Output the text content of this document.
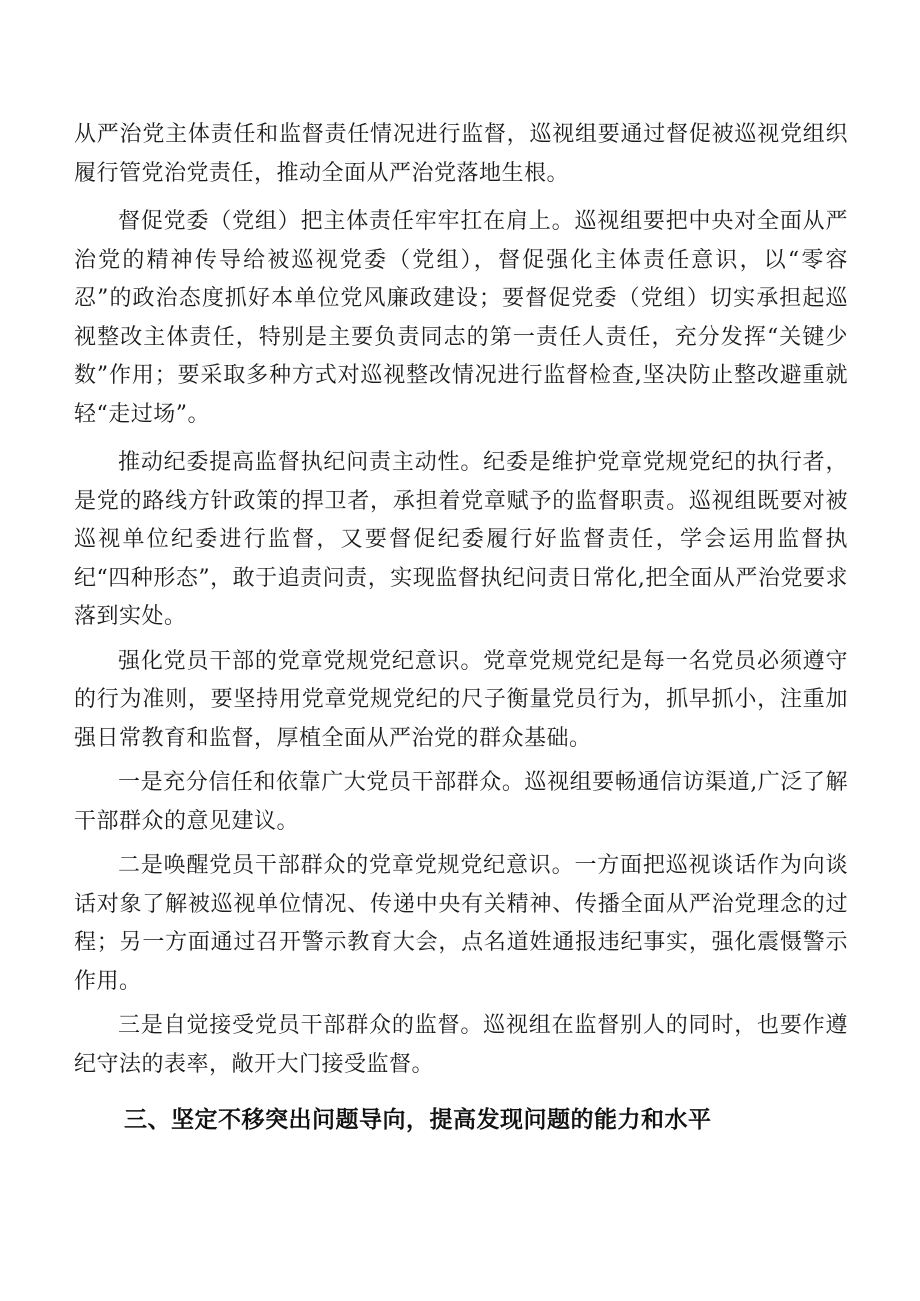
从严治党主体责任和监督责任情况进行监督，巡视组要通过督促被巡视党组织履行管党治党责任，推动全面从严治党落地生根。

督促党委（党组）把主体责任牢牢扛在肩上。巡视组要把中央对全面从严治党的精神传导给被巡视党委（党组），督促强化主体责任意识，以“零容忍”的政治态度抓好本单位党风廉政建设；要督促党委（党组）切实承担起巡视整改主体责任，特别是主要负责同志的第一责任人责任，充分发挥“关键少数”作用；要采取多种方式对巡视整改情况进行监督检查,坚决防止整改避重就轻“走过场”。

推动纪委提高监督执纪问责主动性。纪委是维护党章党规党纪的执行者，是党的路线方针政策的捍卫者，承担着党章赋予的监督职责。巡视组既要对被巡视单位纪委进行监督，又要督促纪委履行好监督责任，学会运用监督执纪“四种形态”，敢于追责问责，实现监督执纪问责日常化,把全面从严治党要求落到实处。

强化党员干部的党章党规党纪意识。党章党规党纪是每一名党员必须遵守的行为准则，要坚持用党章党规党纪的尺子衡量党员行为，抓早抓小，注重加强日常教育和监督，厚植全面从严治党的群众基础。

一是充分信任和依靠广大党员干部群众。巡视组要畅通信访渠道,广泛了解干部群众的意见建议。

二是唤醒党员干部群众的党章党规党纪意识。一方面把巡视谈话作为向谈话对象了解被巡视单位情况、传递中央有关精神、传播全面从严治党理念的过程；另一方面通过召开警示教育大会，点名道姓通报违纪事实，强化震慑警示作用。

三是自觉接受党员干部群众的监督。巡视组在监督别人的同时，也要作遵纪守法的表率，敞开大门接受监督。

三、坚定不移突出问题导向，提高发现问题的能力和水平
